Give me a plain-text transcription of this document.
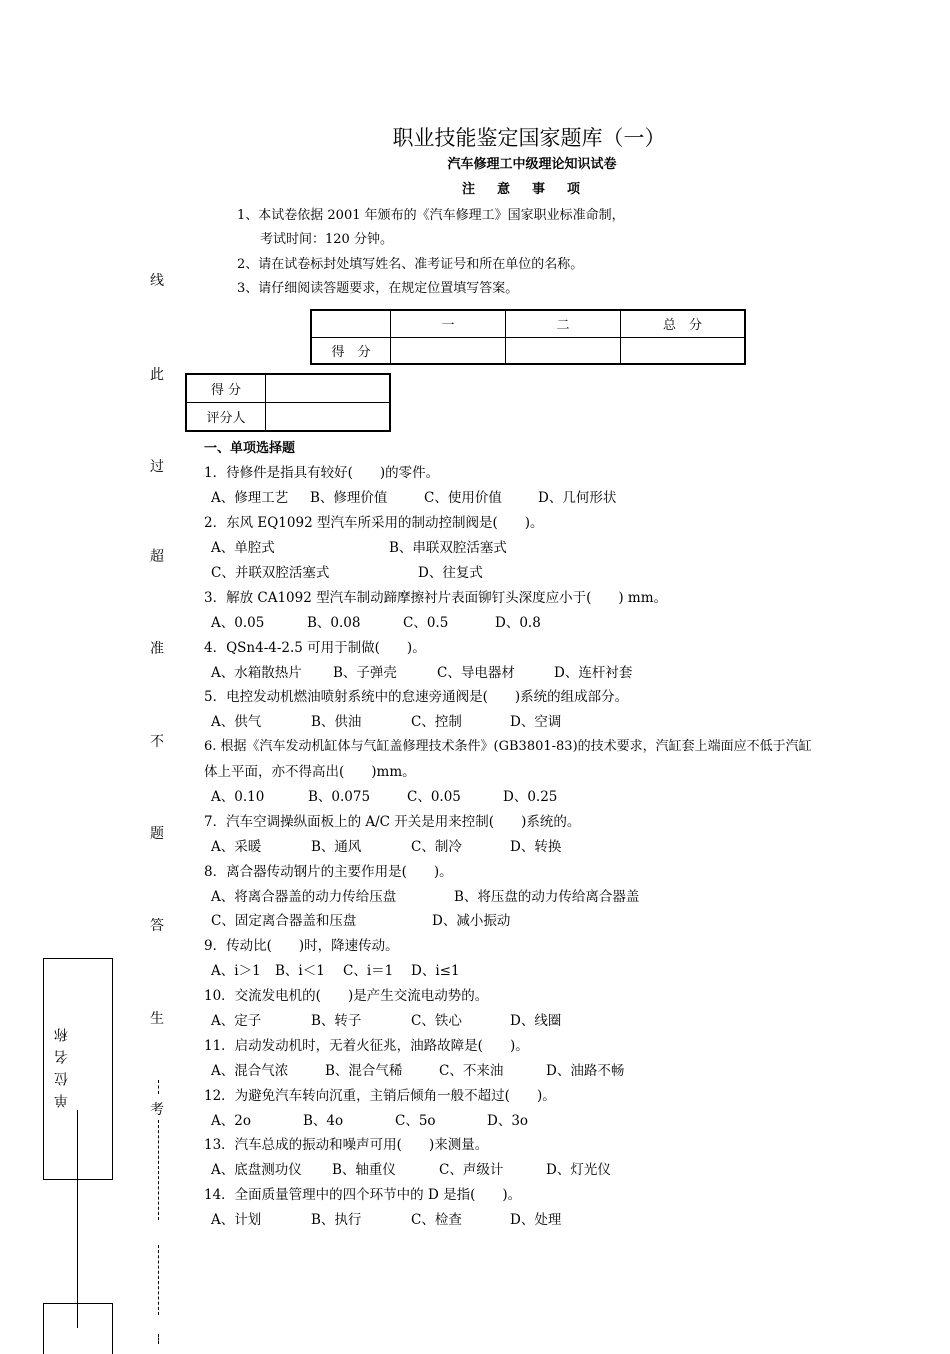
职业技能鉴定国家题库（一）
汽车修理工中级理论知识试卷
注意事项
1、本试卷依据 2001 年颁布的《汽车修理工》国家职业标准命制，
考试时间：120 分钟。
2、请在试卷标封处填写姓名、准考证号和所在单位的名称。
3、请仔细阅读答题要求，在规定位置填写答案。
	一	二	总　分
得　分			
得 分	
评分人	
一、单项选择题
1．待修件是指具有较好(　　)的零件。
A、修理工艺 B、修理价值	C、使用价值	D、几何形状
2．东风 EQ1092 型汽车所采用的制动控制阀是(　　)。
A、单腔式	B、串联双腔活塞式
C、并联双腔活塞式	D、往复式
3．解放 CA1092 型汽车制动蹄摩擦衬片表面铆钉头深度应小于(　　) mm。
A、0.05	B、0.08	C、0.5	D、0.8
4．QSn4-4-2.5 可用于制做(　　)。
A、水箱散热片 B、子弹壳	C、导电器材	D、连杆衬套
5．电控发动机燃油喷射系统中的怠速旁通阀是(　　)系统的组成部分。
A、供气	B、供油	C、控制	D、空调
6. 根据《汽车发动机缸体与气缸盖修理技术条件》(GB3801-83)的技术要求，汽缸套上端面应不低于汽缸
体上平面，亦不得高出(　　)mm。
A、0.10	B、0.075	C、0.05	D、0.25
7．汽车空调操纵面板上的 A/C 开关是用来控制(　　)系统的。
A、采暖	B、通风	C、制冷	D、转换
8．离合器传动钢片的主要作用是(　　)。
A、将离合器盖的动力传给压盘	B、将压盘的动力传给离合器盖
C、固定离合器盖和压盘	D、减小振动
9．传动比(　　)时，降速传动。
A、i＞1 B、i＜1 C、i＝1 D、i≤1
10．交流发电机的(　　)是产生交流电动势的。
A、定子	B、转子	C、铁心	D、线圈
11．启动发动机时，无着火征兆，油路故障是(　　)。
A、混合气浓	B、混合气稀	C、不来油	D、油路不畅
12．为避免汽车转向沉重，主销后倾角一般不超过(　　)。
A、2o	B、4o	C、5o	D、3o
13．汽车总成的振动和噪声可用(　　)来测量。
A、底盘测功仪 B、轴重仪	C、声级计	D、灯光仪
14．全面质量管理中的四个环节中的 D 是指(　　)。
A、计划	B、执行	C、检查	D、处理
线
此
过
超
准
不
题
答
生
考
单位名称
